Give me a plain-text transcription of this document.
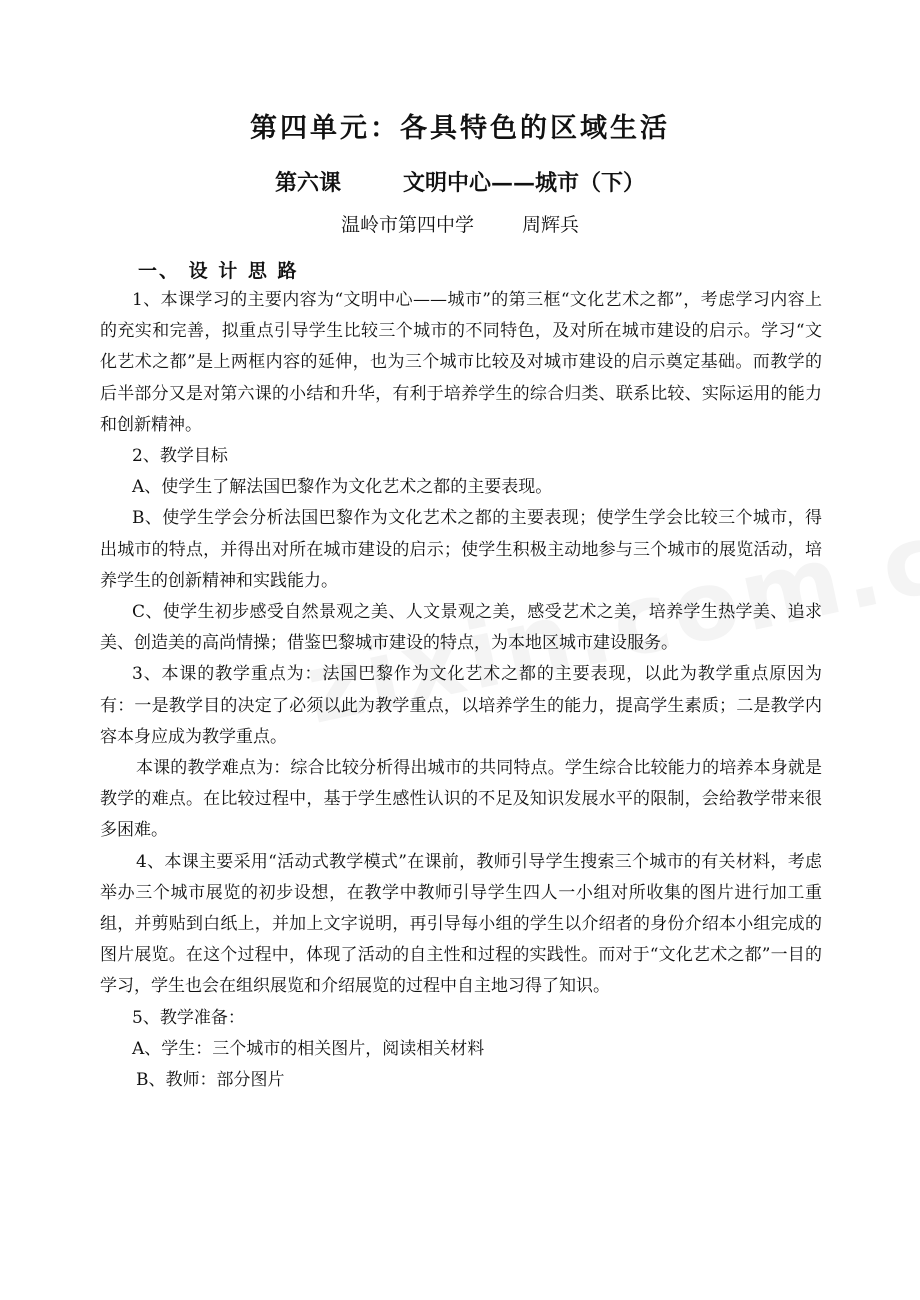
第四单元：各具特色的区域生活
第六课	文明中心——城市（下）
温岭市第四中学	周辉兵
一、 设 计 思 路

1、本课学习的主要内容为“文明中心——城市”的第三框“文化艺术之都”，考虑学习内容上的充实和完善，拟重点引导学生比较三个城市的不同特色，及对所在城市建设的启示。学习“文化艺术之都”是上两框内容的延伸，也为三个城市比较及对城市建设的启示奠定基础。而教学的后半部分又是对第六课的小结和升华，有利于培养学生的综合归类、联系比较、实际运用的能力和创新精神。

2、教学目标

A、使学生了解法国巴黎作为文化艺术之都的主要表现。

B、使学生学会分析法国巴黎作为文化艺术之都的主要表现；使学生学会比较三个城市，得出城市的特点，并得出对所在城市建设的启示；使学生积极主动地参与三个城市的展览活动，培养学生的创新精神和实践能力。

C、使学生初步感受自然景观之美、人文景观之美，感受艺术之美，培养学生热学美、追求美、创造美的高尚情操；借鉴巴黎城市建设的特点，为本地区城市建设服务。

3、本课的教学重点为：法国巴黎作为文化艺术之都的主要表现，以此为教学重点原因为有：一是教学目的决定了必须以此为教学重点，以培养学生的能力，提高学生素质；二是教学内容本身应成为教学重点。

本课的教学难点为：综合比较分析得出城市的共同特点。学生综合比较能力的培养本身就是教学的难点。在比较过程中，基于学生感性认识的不足及知识发展水平的限制，会给教学带来很多困难。

4、本课主要采用“活动式教学模式”在课前，教师引导学生搜索三个城市的有关材料，考虑举办三个城市展览的初步设想，在教学中教师引导学生四人一小组对所收集的图片进行加工重组，并剪贴到白纸上，并加上文字说明，再引导每小组的学生以介绍者的身份介绍本小组完成的图片展览。在这个过程中，体现了活动的自主性和过程的实践性。而对于“文化艺术之都”一目的学习，学生也会在组织展览和介绍展览的过程中自主地习得了知识。

5、教学准备：

A、学生：三个城市的相关图片，阅读相关材料

B、教师：部分图片
